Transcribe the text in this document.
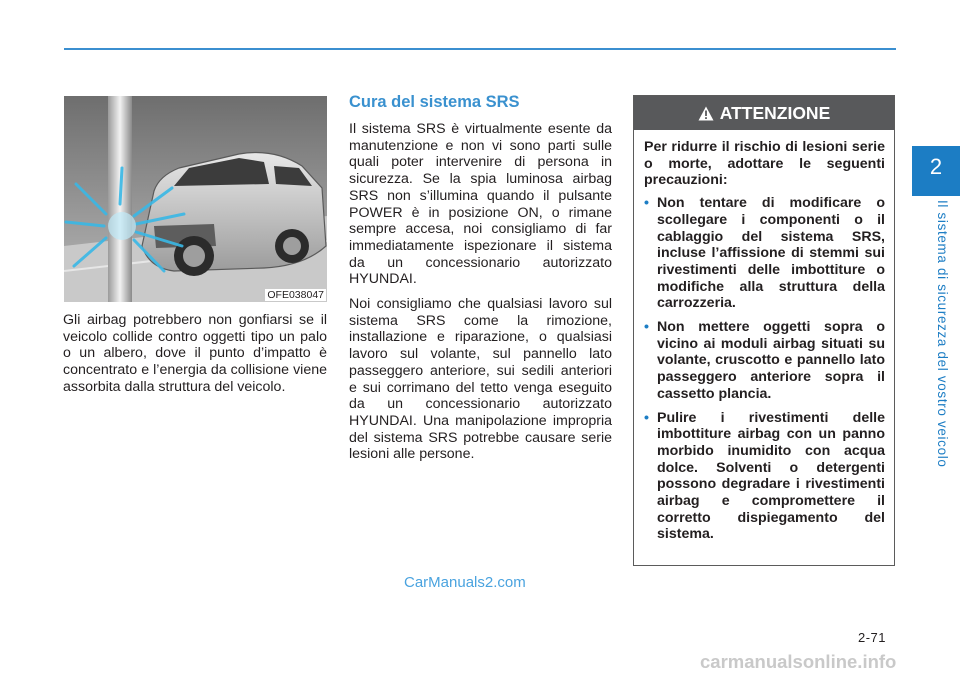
2
Il sistema di sicurezza del vostro veicolo
OFE038047

Gli airbag potrebbero non gonfiarsi se il veicolo collide contro oggetti tipo un palo o un albero, dove il punto d’impatto è concentrato e l’energia da collisione viene assorbita dalla struttura del veicolo.

Cura del sistema SRS

Il sistema SRS è virtualmente esente da manutenzione e non vi sono parti sulle quali poter intervenire di persona in sicurezza. Se la spia luminosa airbag SRS non s’illumina quando il pulsante POWER è in posizione ON, o rimane sempre accesa, noi consigliamo di far immediatamente ispezionare il sistema da un concessionario autorizzato HYUNDAI.

Noi consigliamo che qualsiasi lavoro sul sistema SRS come la rimozione, installazione e riparazione, o qualsiasi lavoro sul volante, sul pannello lato passeggero anteriore, sui sedili anteriori e sui corrimano del tetto venga eseguito da un concessionario autorizzato HYUNDAI. Una manipolazione impropria del sistema SRS potrebbe causare serie lesioni alle persone.

ATTENZIONE

Per ridurre il rischio di lesioni serie o morte, adottare le seguenti precauzioni:

• Non tentare di modificare o scollegare i componenti o il cablaggio del sistema SRS, incluse l’affissione di stemmi sui rivestimenti delle imbottiture o modifiche alla struttura della carrozzeria.
• Non mettere oggetti sopra o vicino ai moduli airbag situati su volante, cruscotto e pannello lato passeggero anteriore sopra il cassetto plancia.
• Pulire i rivestimenti delle imbottiture airbag con un panno morbido inumidito con acqua dolce. Solventi o detergenti possono degradare i rivestimenti airbag e compromettere il corretto dispiegamento del sistema.
CarManuals2.com
2-71
carmanualsonline.info
